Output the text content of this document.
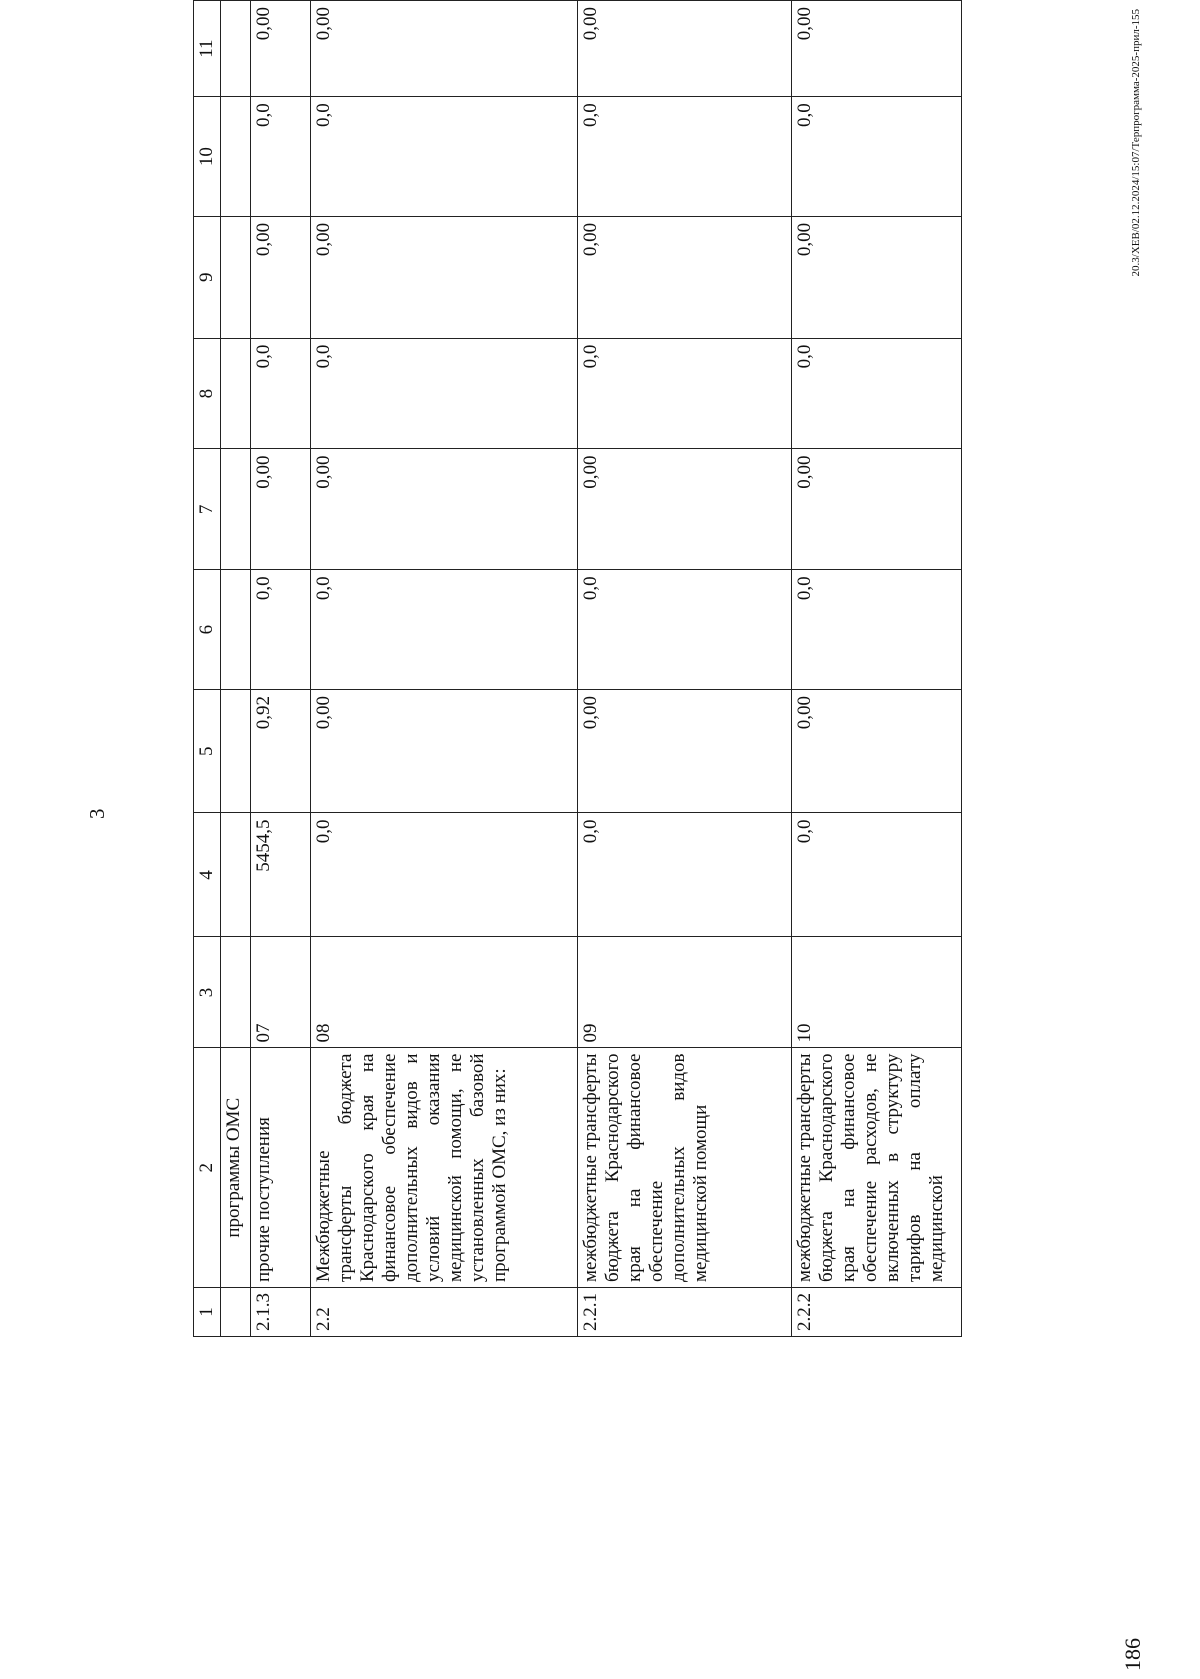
3
1	2	3	4	5	6	7	8	9	10	11
	программы ОМС									
2.1.3	прочие поступления	07	5454,5	0,92	0,0	0,00	0,0	0,00	0,0	0,00
2.2	Межбюджетные трансферты бюджета Краснодарского края на финансовое обеспечение дополнительных видов и условий оказания медицинской помощи, не установленных базовой программой ОМС, из них:	08	0,0	0,00	0,0	0,00	0,0	0,00	0,0	0,00
2.2.1	межбюджетные трансферты бюджета Краснодарского края на финансовое обеспечение дополнительных видов медицинской помощи	09	0,0	0,00	0,0	0,00	0,0	0,00	0,0	0,00
2.2.2	межбюджетные трансферты бюджета Краснодарского края на финансовое обеспечение расходов, не включенных в структуру тарифов на оплату медицинской	10	0,0	0,00	0,0	0,00	0,0	0,00	0,0	0,00	20.3/ХЕВ/02.12.2024/15:07/Терпрограмма-2025-прил-155
186
